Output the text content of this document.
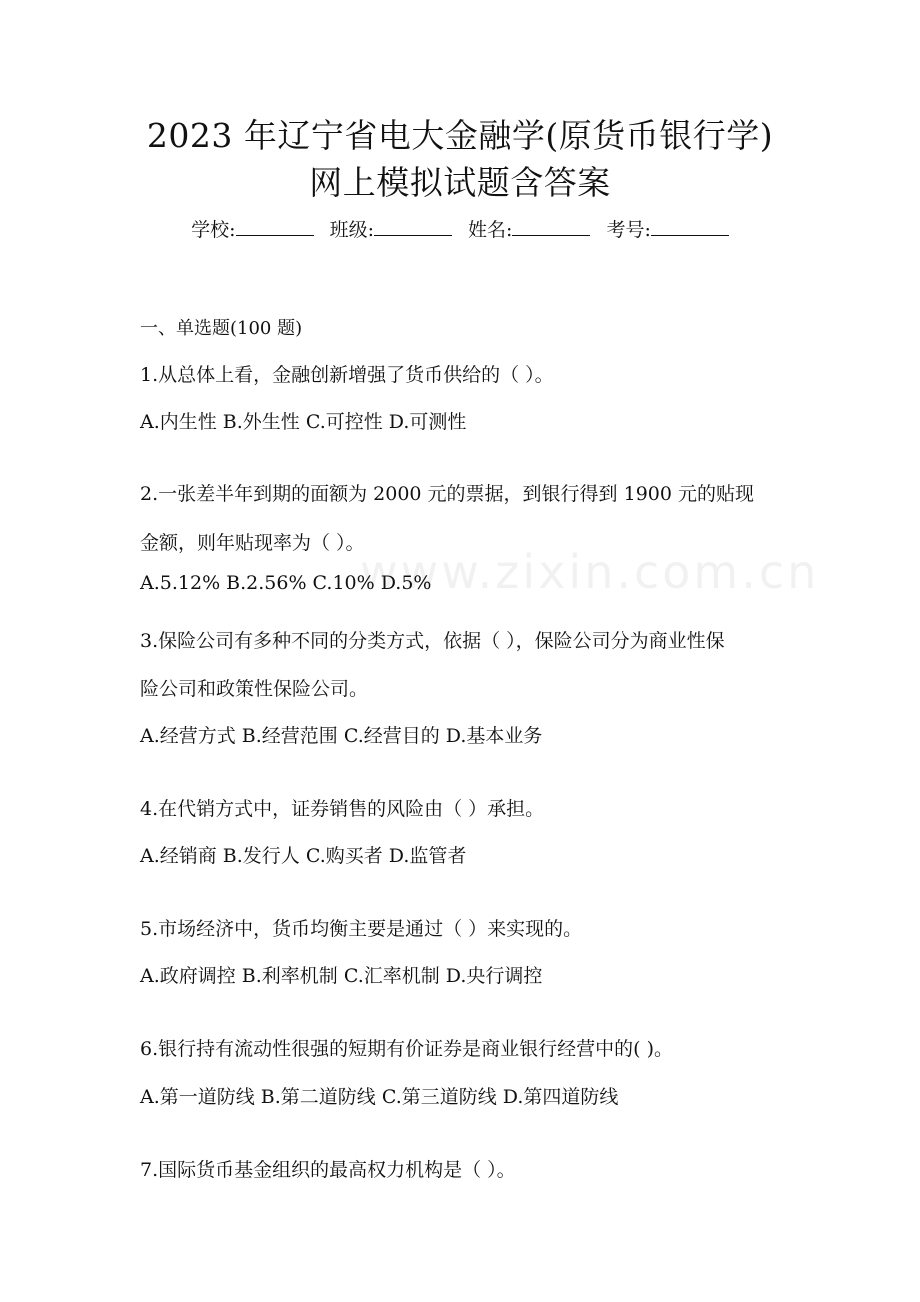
www.zixin.com.cn
2023 年辽宁省电大金融学(原货币银行学)
网上模拟试题含答案
学校:	班级:	姓名:	考号:
一、单选题(100 题)
1.从总体上看，金融创新增强了货币供给的（ ）。
A.内生性 B.外生性 C.可控性 D.可测性
2.一张差半年到期的面额为 2000 元的票据，到银行得到 1900 元的贴现
金额，则年贴现率为（ ）。
A.5.12% B.2.56% C.10% D.5%
3.保险公司有多种不同的分类方式，依据（ ），保险公司分为商业性保
险公司和政策性保险公司。
A.经营方式 B.经营范围 C.经营目的 D.基本业务
4.在代销方式中，证券销售的风险由（ ）承担。
A.经销商 B.发行人 C.购买者 D.监管者
5.市场经济中，货币均衡主要是通过（ ）来实现的。
A.政府调控 B.利率机制 C.汇率机制 D.央行调控
6.银行持有流动性很强的短期有价证券是商业银行经营中的( )。
A.第一道防线 B.第二道防线 C.第三道防线 D.第四道防线
7.国际货币基金组织的最高权力机构是（ ）。
